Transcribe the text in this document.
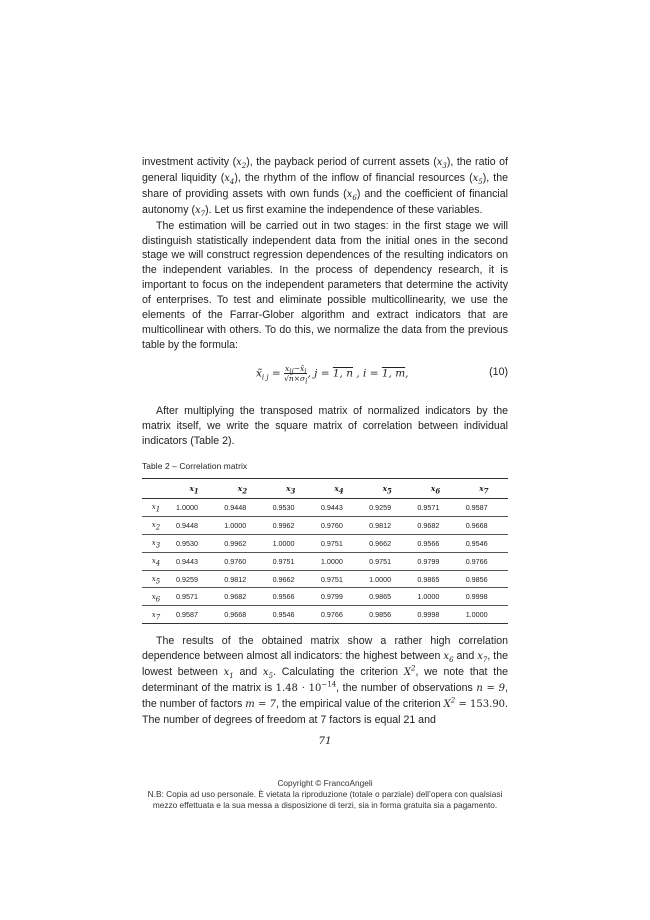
investment activity $(x_2)$, the payback period of current assets $(x_3)$, the ratio of general liquidity $(x_4)$, the rhythm of the inflow of financial resources $(x_5)$, the share of providing assets with own funds $(x_6)$ and the coefficient of financial autonomy $(x_7)$. Let us first examine the independence of these variables.

The estimation will be carried out in two stages: in the first stage we will distinguish statistically independent data from the initial ones in the second stage we will construct regression dependences of the resulting indicators on the independent variables. In the process of dependency research, it is important to focus on the independent parameters that determine the activity of enterprises. To test and eliminate possible multicollinearity, we use the elements of the Farrar-Glober algorithm and extract indicators that are multicollinear with others. To do this, we normalize the data from the previous table by the formula:

$x̃_{i j} = \frac{x_{ij}-x̄_i}{√n\times\sigma_i}$ , j = 1, n , i = 1, m,	(10)
After multiplying the transposed matrix of normalized indicators by the matrix itself, we write the square matrix of correlation between individual indicators (Table 2).
Table 2 – Correlation matrix
	$x_1$	$x_2$	$x_3$	$x_4$	$x_5$	$x_6$	$x_7$
$x_1$	1.0000	0.9448	0.9530	0.9443	0.9259	0.9571	0.9587
$x_2$	0.9448	1.0000	0.9962	0.9760	0.9812	0.9682	0.9668
$x_3$	0.9530	0.9962	1.0000	0.9751	0.9662	0.9566	0.9546
$x_4$	0.9443	0.9760	0.9751	1.0000	0.9751	0.9799	0.9766
$x_5$	0.9259	0.9812	0.9662	0.9751	1.0000	0.9865	0.9856
$x_6$	0.9571	0.9682	0.9566	0.9799	0.9865	1.0000	0.9998
$x_7$	0.9587	0.9668	0.9546	0.9766	0.9856	0.9998	1.0000
The results of the obtained matrix show a rather high correlation dependence between almost all indicators: the highest between $x_6$ and $x_7$, the lowest between $x_1$ and $x_5$. Calculating the criterion $X^2$, we note that the determinant of the matrix is $1.48 \cdot 10^{-14}$, the number of observations n = 9, the number of factors m = 7, the empirical value of the criterion $X^2 = 153.90$. The number of degrees of freedom at 7 factors is equal 21 and
71
Copyright © FrancoAngeli
N.B: Copia ad uso personale. È vietata la riproduzione (totale o parziale) dell’opera con qualsiasi
mezzo effettuata e la sua messa a disposizione di terzi, sia in forma gratuita sia a pagamento.
